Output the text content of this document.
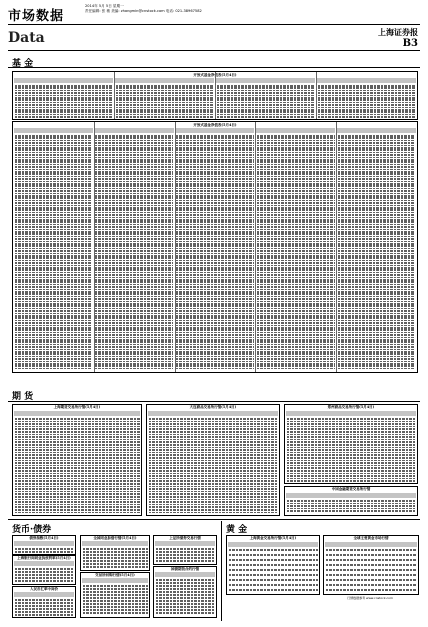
市场数据
2014年 5月 5日 星期一
责任编辑: 张 敏 美编: zhangmin@cnstock.com 电话: 021-38967582
上海证券报
Data	B3
基 金
开放式基金净值表(5月4日)
开放式基金净值表(5月4日)
期 货
上海期货交易所行情(5月4日)	大连商品交易所行情(5月4日)	郑州商品交易所行情(5月4日)
中国金融期货交易所行情
货币·债券
债券指数(5月4日)
上海银行间同业拆放利率(5月4日)
人民币汇率中间价
全国同业拆借行情(5月4日)
交易所回购行情(5月4日)
上证所债券交易行情
国债期货合约行情
黄 金
上海黄金交易所行情(5月4日)	全球主要黄金市场行情
行情数据参考 www.cnstock.com
